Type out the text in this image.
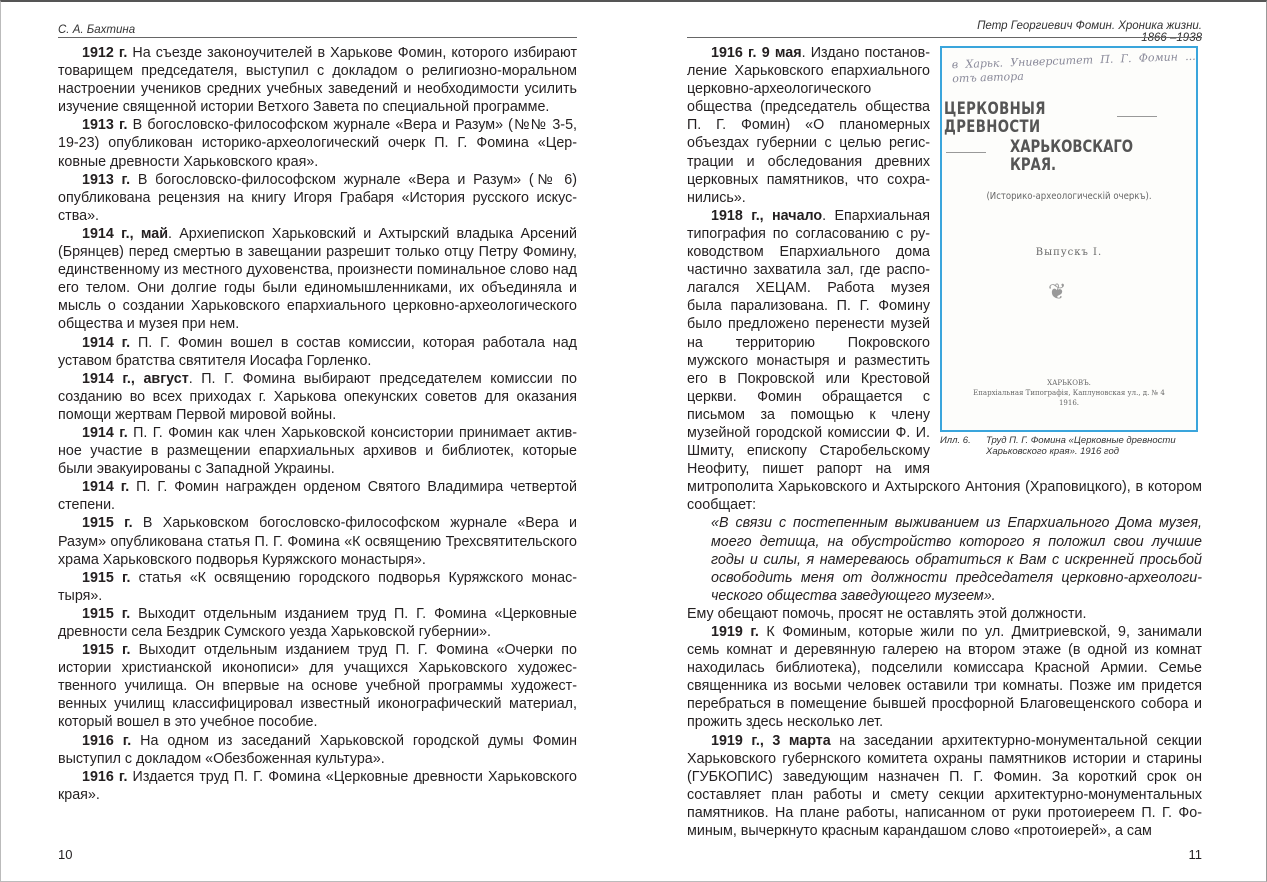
С. А. Бахтина

1912 г. На съезде законоучителей в Харькове Фомин, которого избирают товарищем председателя, выступил с докладом о религиозно-моральном настроении учеников средних учебных заведений и необходимости усилить изучение священной истории Ветхого Завета по специальной программе.

1913 г. В богословско-философском журнале «Вера и Разум» (№№ 3-5, 19-23) опубликован историко-археологический очерк П. Г. Фомина «Церковные древности Харьковского края».

1913 г. В богословско-философском журнале «Вера и Разум» (№ 6) опубликована рецензия на книгу Игоря Грабаря «История русского искусства».

1914 г., май. Архиепископ Харьковский и Ахтырский владыка Арсений (Брянцев) перед смертью в завещании разрешит только отцу Петру Фомину, единственному из местного духовенства, произнести поминальное слово над его телом. Они долгие годы были единомышленниками, их объединяла и мысль о создании Харьковского епархиального церковно-археологического общества и музея при нем.

1914 г. П. Г. Фомин вошел в состав комиссии, которая работала над уставом братства святителя Иосафа Горленко.

1914 г., август. П. Г. Фомина выбирают председателем комиссии по созданию во всех приходах г. Харькова опекунских советов для оказания помощи жертвам Первой мировой войны.

1914 г. П. Г. Фомин как член Харьковской консистории принимает активное участие в размещении епархиальных архивов и библиотек, которые были эвакуированы с Западной Украины.

1914 г. П. Г. Фомин награжден орденом Святого Владимира четвертой степени.

1915 г. В Харьковском богословско-философском журнале «Вера и Разум» опубликована статья П. Г. Фомина «К освящению Трехсвятительского храма Харьковского подворья Куряжского монастыря».

1915 г. статья «К освящению городского подворья Куряжского монастыря».

1915 г. Выходит отдельным изданием труд П. Г. Фомина «Церковные древности села Бездрик Сумского уезда Харьковской губернии».

1915 г. Выходит отдельным изданием труд П. Г. Фомина «Очерки по истории христианской иконописи» для учащихся Харьковского художественного училища. Он впервые на основе учебной программы художественных училищ классифицировал известный иконографический материал, который вошел в это учебное пособие.

1916 г. На одном из заседаний Харьковской городской думы Фомин выступил с докладом «Обезбоженная культура».

1916 г. Издается труд П. Г. Фомина «Церковные древности Харьковского края».

10
Петр Георгиевич Фомин. Хроника жизни.
1866 –1938
в Харьк. Университет П. Г. Фомин ... отъ автора
ЦЕРКОВНЫЯ ДРЕВНОСТИ
ХАРЬКОВСКАГО КРАЯ.
(Историко-археологическiй очеркъ).
Выпускъ I.
❦
ХАРЬКОВЪ.
Епархiальная Типографiя, Каплуновская ул., д. № 4
1916.
Илл. 6.	Труд П. Г. Фомина «Церковные древности Харьковского края». 1916 год

1916 г. 9 мая. Издано постановление Харьковского епархиального церковно-археологического общества (председатель общества П. Г. Фомин) «О планомерных объездах губернии с целью регистрации и обследования древних церковных памятников, что сохранились».

1918 г., начало. Епархиальная типография по согласованию с руководством Епархиального дома частично захватила зал, где располагался ХЕЦАМ. Работа музея была парализована. П. Г. Фомину было предложено перенести музей на территорию Покровского мужского монастыря и разместить его в Покровской или Крестовой церкви. Фомин обращается с письмом за помощью к члену музейной городской комиссии Ф. И. Шмиту, епископу Старобельскому Неофиту, пишет рапорт на имя митрополита Харьковского и Ахтырского Антония (Храповицкого), в котором сообщает:

«В связи с постепенным выживанием из Епархиального Дома музея, моего детища, на обустройство которого я положил свои лучшие годы и силы, я намереваюсь обратиться к Вам с искренней просьбой освободить меня от должности председателя церковно-археологического общества заведующего музеем».

Ему обещают помочь, просят не оставлять этой должности.

1919 г. К Фоминым, которые жили по ул. Дмитриевской, 9, занимали семь комнат и деревянную галерею на втором этаже (в одной из комнат находилась библиотека), подселили комиссара Красной Армии. Семье священника из восьми человек оставили три комнаты. Позже им придется перебраться в помещение бывшей просфорной Благовещенского собора и прожить здесь несколько лет.

1919 г., 3 марта на заседании архитектурно-монументальной секции Харьковского губернского комитета охраны памятников истории и старины (ГУБКОПИС) заведующим назначен П. Г. Фомин. За короткий срок он составляет план работы и смету секции архитектурно-монументальных памятников. На плане работы, написанном от руки протоиереем П. Г. Фоминым, вычеркнуто красным карандашом слово «протоиерей», а сам

11
